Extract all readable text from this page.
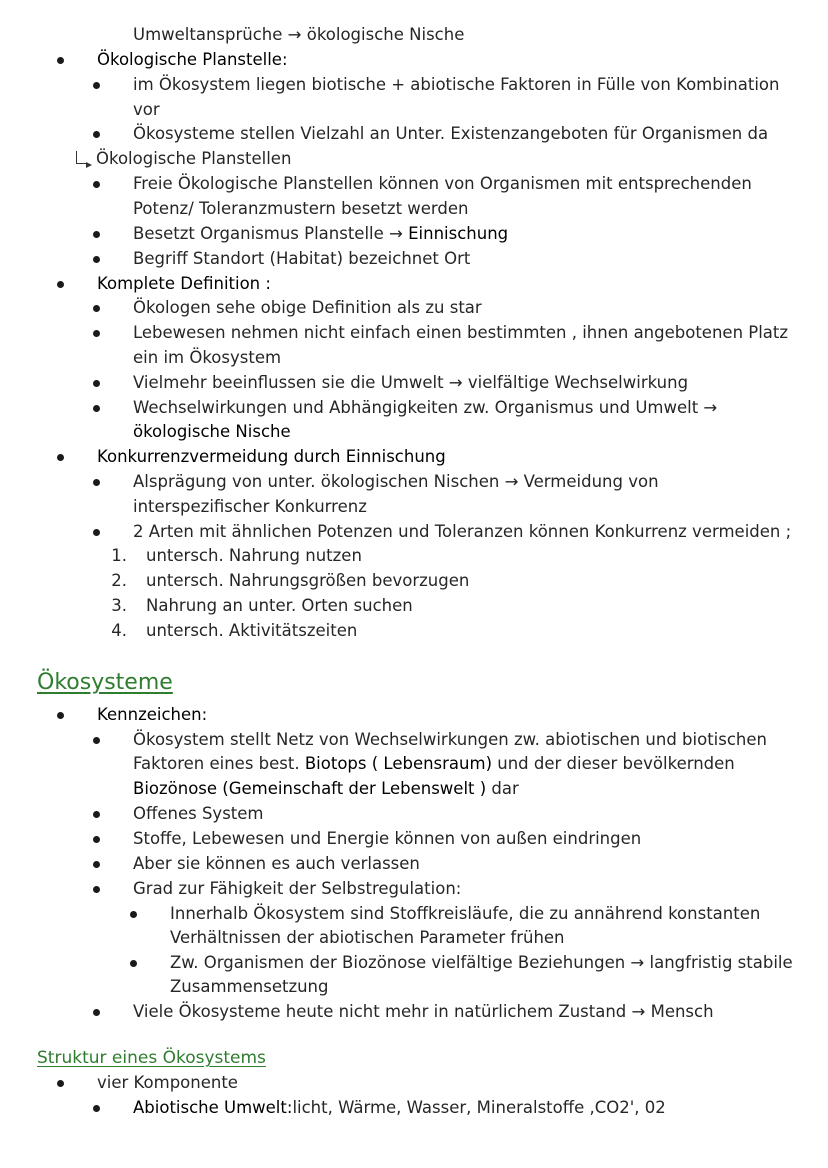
Umweltansprüche → ökologische Nische
Ökologische Planstelle:
im Ökosystem liegen biotische + abiotische Faktoren in Fülle von Kombination
vor
Ökosysteme stellen Vielzahl an Unter. Existenzangeboten für Organismen da
Ökologische Planstellen
Freie Ökologische Planstellen können von Organismen mit entsprechenden
Potenz/ Toleranzmustern besetzt werden
Besetzt Organismus Planstelle → Einnischung
Begriff Standort (Habitat) bezeichnet Ort
Komplete Definition :
Ökologen sehe obige Definition als zu star
Lebewesen nehmen nicht einfach einen bestimmten , ihnen angebotenen Platz
ein im Ökosystem
Vielmehr beeinflussen sie die Umwelt → vielfältige Wechselwirkung
Wechselwirkungen und Abhängigkeiten zw. Organismus und Umwelt →
ökologische Nische
Konkurrenzvermeidung durch Einnischung
Alsprägung von unter. ökologischen Nischen → Vermeidung von
interspezifischer Konkurrenz
2 Arten mit ähnlichen Potenzen und Toleranzen können Konkurrenz vermeiden ;
1. untersch. Nahrung nutzen
2. untersch. Nahrungsgrößen bevorzugen
3. Nahrung an unter. Orten suchen
4. untersch. Aktivitätszeiten
Ökosysteme
Kennzeichen:
Ökosystem stellt Netz von Wechselwirkungen zw. abiotischen und biotischen
Faktoren eines best. Biotops ( Lebensraum) und der dieser bevölkernden
Biozönose (Gemeinschaft der Lebenswelt ) dar
Offenes System
Stoffe, Lebewesen und Energie können von außen eindringen
Aber sie können es auch verlassen
Grad zur Fähigkeit der Selbstregulation:
Innerhalb Ökosystem sind Stoffkreisläufe, die zu annährend konstanten
Verhältnissen der abiotischen Parameter frühen
Zw. Organismen der Biozönose vielfältige Beziehungen → langfristig stabile
Zusammensetzung
Viele Ökosysteme heute nicht mehr in natürlichem Zustand → Mensch
Struktur eines Ökosystems
vier Komponente
Abiotische Umwelt:licht, Wärme, Wasser, Mineralstoffe ,CO2', 02
